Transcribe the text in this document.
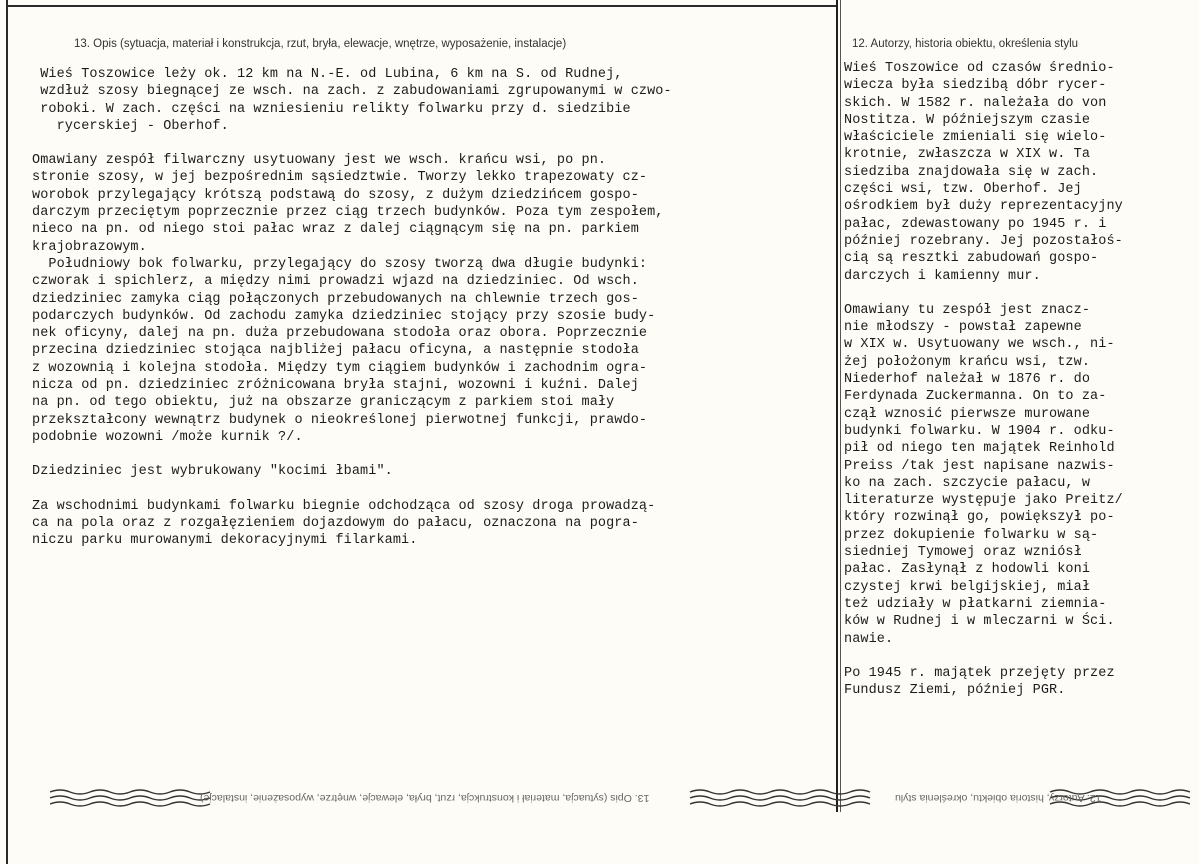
13. Opis (sytuacja, materiał i konstrukcja, rzut, bryła, elewacje, wnętrze, wyposażenie, instalacje)	12. Autorzy, historia obiektu, określenia stylu

Wieś Toszowice leży ok. 12 km na N.-E. od Lubina, 6 km na S. od Rudnej,
wzdłuż szosy biegnącej ze wsch. na zach. z zabudowaniami zgrupowanymi w czwo-
roboki. W zach. części na wzniesieniu relikty folwarku przy d. siedzibie
rycerskiej - Oberhof.

Omawiany zespół filwarczny usytuowany jest we wsch. krańcu wsi, po pn.
stronie szosy, w jej bezpośrednim sąsiedztwie. Tworzy lekko trapezowaty cz-
worobok przylegający krótszą podstawą do szosy, z dużym dziedzińcem gospo-
darczym przeciętym poprzecznie przez ciąg trzech budynków. Poza tym zespołem,
nieco na pn. od niego stoi pałac wraz z dalej ciągnącym się na pn. parkiem
krajobrazowym.
Południowy bok folwarku, przylegający do szosy tworzą dwa długie budynki:
czworak i spichlerz, a między nimi prowadzi wjazd na dziedziniec. Od wsch.
dziedziniec zamyka ciąg połączonych przebudowanych na chlewnie trzech gos-
podarczych budynków. Od zachodu zamyka dziedziniec stojący przy szosie budy-
nek oficyny, dalej na pn. duża przebudowana stodoła oraz obora. Poprzecznie
przecina dziedziniec stojąca najbliżej pałacu oficyna, a następnie stodoła
z wozownią i kolejna stodoła. Między tym ciągiem budynków i zachodnim ogra-
nicza od pn. dziedziniec zróżnicowana bryła stajni, wozowni i kuźni. Dalej
na pn. od tego obiektu, już na obszarze graniczącym z parkiem stoi mały
przekształcony wewnątrz budynek o nieokreślonej pierwotnej funkcji, prawdo-
podobnie wozowni /może kurnik ?/.

Dziedziniec jest wybrukowany "kocimi łbami".

Za wschodnimi budynkami folwarku biegnie odchodząca od szosy droga prowadzą-
ca na pola oraz z rozgałęzieniem dojazdowym do pałacu, oznaczona na pogra-
niczu parku murowanymi dekoracyjnymi filarkami.

Wieś Toszowice od czasów średnio-
wiecza była siedzibą dóbr rycer-
skich. W 1582 r. należała do von
Nostitza. W późniejszym czasie
właściciele zmieniali się wielo-
krotnie, zwłaszcza w XIX w. Ta
siedziba znajdowała się w zach.
części wsi, tzw. Oberhof. Jej
ośrodkiem był duży reprezentacyjny
pałac, zdewastowany po 1945 r. i
później rozebrany. Jej pozostałoś-
cią są resztki zabudowań gospo-
darczych i kamienny mur.

Omawiany tu zespół jest znacz-
nie młodszy - powstał zapewne
w XIX w. Usytuowany we wsch., ni-
żej położonym krańcu wsi, tzw.
Niederhof należał w 1876 r. do
Ferdynada Zuckermanna. On to za-
czął wznosić pierwsze murowane
budynki folwarku. W 1904 r. odku-
pił od niego ten majątek Reinhold
Preiss /tak jest napisane nazwis-
ko na zach. szczycie pałacu, w
literaturze występuje jako Preitz/
który rozwinął go, powiększył po-
przez dokupienie folwarku w są-
siedniej Tymowej oraz wzniósł
pałac. Zasłynął z hodowli koni
czystej krwi belgijskiej, miał
też udziały w płatkarni ziemnia-
ków w Rudnej i w mleczarni w Ści.
nawie.

Po 1945 r. majątek przejęty przez
Fundusz Ziemi, później PGR.

13. Opis (sytuacja, materiał i konstrukcja, rzut, bryła, elewacje, wnętrze, wyposażenie, instalacje)	12. Autorzy, historia obiektu, określenia stylu
